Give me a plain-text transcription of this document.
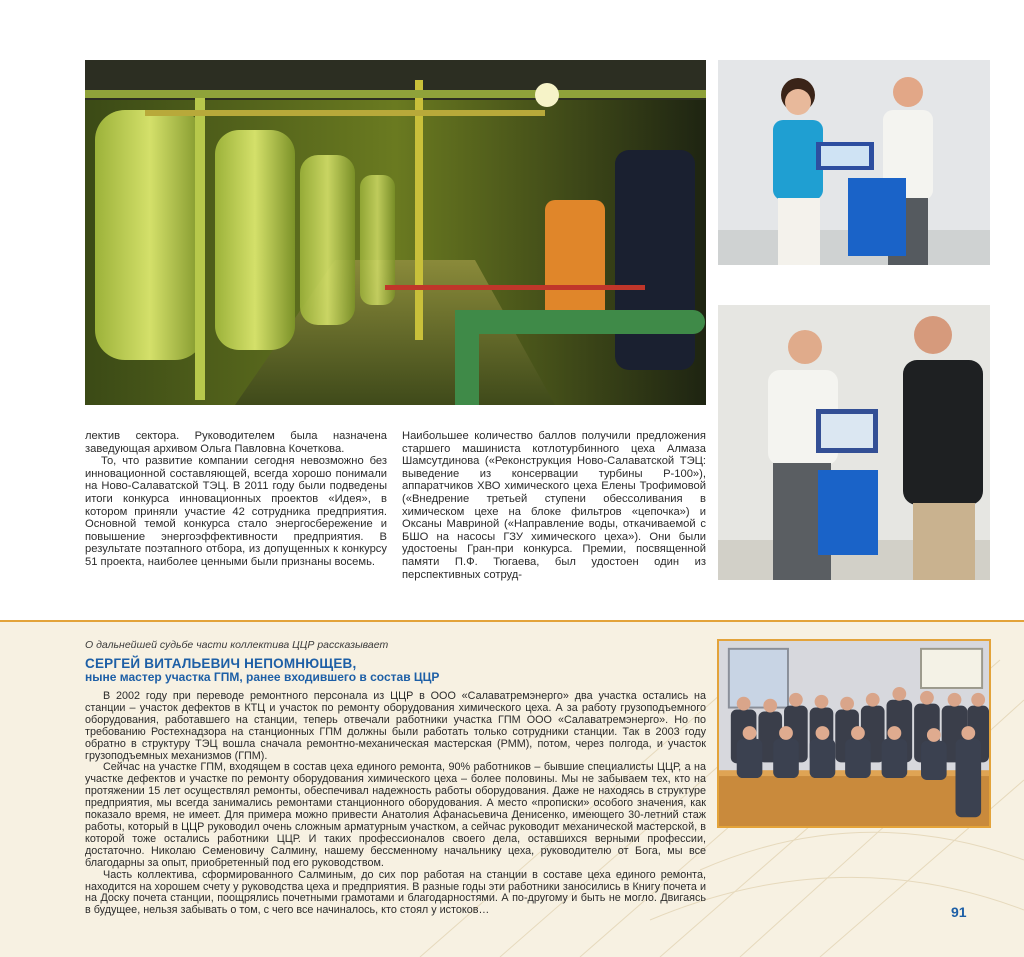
лектив сектора. Руководителем была назначена заведующая архивом Ольга Павловна Кочеткова.

То, что развитие компании сегодня невозможно без инновационной составляющей, всегда хорошо понимали на Ново-Салаватской ТЭЦ. В 2011 году были подведены итоги конкурса инновационных проектов «Идея», в котором приняли участие 42 сотрудника предприятия. Основной темой конкурса стало энергосбережение и повышение энергоэффективности предприятия. В результате поэтапного отбора, из допущенных к конкурсу 51 проекта, наиболее ценными были признаны восемь.

Наибольшее количество баллов получили предложения старшего машиниста котлотурбинного цеха Алмаза Шамсутдинова («Реконструкция Ново-Салаватской ТЭЦ: выведение из консервации турбины Р-100»), аппаратчиков ХВО химического цеха Елены Трофимовой («Внедрение третьей ступени обессоливания в химическом цехе на блоке фильтров «цепочка») и Оксаны Мавриной («Направление воды, откачиваемой с БШО на насосы ГЗУ химического цеха»). Они были удостоены Гран-при конкурса. Премии, посвященной памяти П.Ф. Тюгаева, был удостоен один из перспективных сотруд-

О дальнейшей судьбе части коллектива ЦЦР рассказывает
СЕРГЕЙ ВИТАЛЬЕВИЧ НЕПОМНЮЩЕВ,
ныне мастер участка ГПМ, ранее входившего в состав ЦЦР

В 2002 году при переводе ремонтного персонала из ЦЦР в ООО «Салаватремэнерго» два участка остались на станции – участок дефектов в КТЦ и участок по ремонту оборудования химического цеха. А за работу грузоподъемного оборудования, работавшего на станции, теперь отвечали работники участка ГПМ ООО «Салаватремэнерго». Но по требованию Ростехнадзора на станционных ГПМ должны были работать только сотрудники станции. Так в 2003 году обратно в структуру ТЭЦ вошла сначала ремонтно-механическая мастерская (РММ), потом, через полгода, и участок грузоподъемных механизмов (ГПМ).

Сейчас на участке ГПМ, входящем в состав цеха единого ремонта, 90% работников – бывшие специалисты ЦЦР, а на участке дефектов и участке по ремонту оборудования химического цеха – более половины. Мы не забываем тех, кто на протяжении 15 лет осуществлял ремонты, обеспечивал надежность работы оборудования. Даже не находясь в структуре предприятия, мы всегда занимались ремонтами станционного оборудования. А место «прописки» особого значения, как показало время, не имеет. Для примера можно привести Анатолия Афанасьевича Денисенко, имеющего 30-летний стаж работы, который в ЦЦР руководил очень сложным арматурным участком, а сейчас руководит механической мастерской, в которой тоже остались работники ЦЦР. И таких профессионалов своего дела, оставшихся верными профессии, достаточно. Николаю Семеновичу Салмину, нашему бессменному начальнику цеха, руководителю от Бога, мы все благодарны за опыт, приобретенный под его руководством.

Часть коллектива, сформированного Салминым, до сих пор работая на станции в составе цеха единого ремонта, находится на хорошем счету у руководства цеха и предприятия. В разные годы эти работники заносились в Книгу почета и на Доску почета станции, поощрялись почетными грамотами и благодарностями. А по-другому и быть не могло. Двигаясь в будущее, нельзя забывать о том, с чего все начиналось, кто стоял у истоков…	91
